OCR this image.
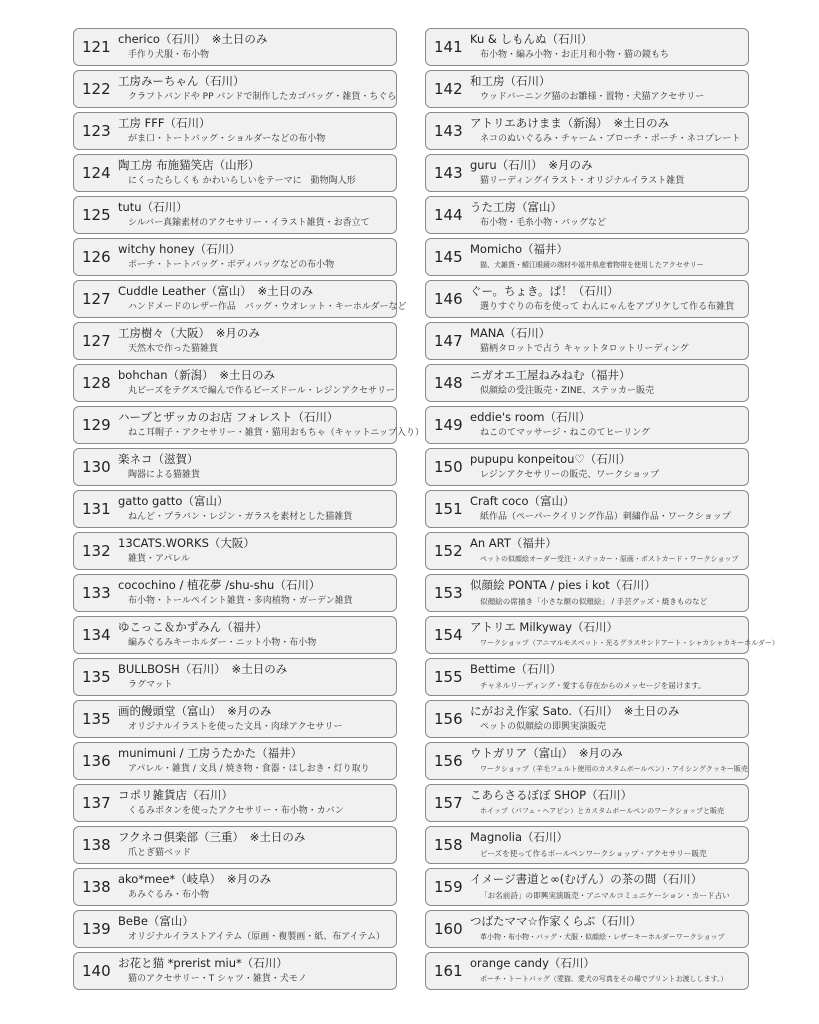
121 cherico（石川）　※土日のみ
手作り犬服・布小物
122 工房みーちゃん（石川）
クラフトバンドや PP バンドで制作したカゴバッグ・雑貨・ちぐら
123 工房 FFF（石川）
がま口・トートバッグ・ショルダーなどの布小物
124 陶工房 布施猫笑店（山形）
にくったらしくも かわいらしいをテーマに　動物陶人形
125 tutu（石川）
シルバー真鍮素材のアクセサリー・イラスト雑貨・お香立て
126 witchy honey（石川）
ポーチ・トートバッグ・ボディバッグなどの布小物
127 Cuddle Leather（富山）　※土日のみ
ハンドメードのレザー作品　バッグ・ウオレット・キーホルダーなど
127 工房樹々（大阪）　※月のみ
天然木で作った猫雑貨
128 bohchan（新潟）　※土日のみ
丸ビーズをテグスで編んで作るビーズドール・レジンアクセサリー
129 ハーブとザッカのお店 フォレスト（石川）
ねこ耳帽子・アクセサリー・雑貨・猫用おもちゃ（キャットニップ入り）
130 楽ネコ（滋賀）
陶器による猫雑貨
131 gatto gatto（富山）
ねんど・プラバン・レジン・ガラスを素材とした猫雑貨
132 13CATS.WORKS（大阪）
雑貨・アパレル
133 cocochino / 植花夢 /shu-shu（石川）
布小物・トールペイント雑貨・多肉植物・ガーデン雑貨
134 ゆこっこ＆かずみん（福井）
編みぐるみキーホルダー・ニット小物・布小物
135 BULLBOSH（石川）　※土日のみ
ラグマット
135 画的饅頭堂（富山）　※月のみ
オリジナルイラストを使った文具・肉球アクセサリー
136 munimuni / 工房うたかた（福井）
アパレル・雑貨 / 文具 / 焼き物・食器・はしおき・灯り取り
137 コポリ雑貨店（石川）
くるみボタンを使ったアクセサリー・布小物・カバン
138 フクネコ倶楽部（三重）　※土日のみ
爪とぎ猫ベッド
138 ako*mee*（岐阜）　※月のみ
あみぐるみ・布小物
139 BeBe（富山）
オリジナルイラストアイテム（原画・複製画・紙、布アイテム）
140 お花と猫 *prerist miu*（石川）
猫のアクセサリー・T シャツ・雑貨・犬モノ
141 Ku & しもんぬ（石川）
布小物・編み小物・お正月和小物・猫の鏡もち
142 和工房（石川）
ウッドバーニング猫のお雛様・置物・犬猫アクセサリー
143 アトリエあけまま（新潟）　※土日のみ
ネコのぬいぐるみ・チャーム・ブローチ・ポーチ・ネコプレート
143 guru（石川）　※月のみ
猫リーディングイラスト・オリジナルイラスト雑貨
144 うた工房（富山）
布小物・毛糸小物・バッグなど
145 Momicho（福井）
猫、犬雑貨・鯖江眼鏡の端材や福井県産着物帯を使用したアクセサリー
146 ぐー。ちょき。ぱ！（石川）
選りすぐりの布を使って わんにゃんをアプリケして作る布雑貨
147 MANA（石川）
猫柄タロットで占う キャットタロットリーディング
148 ニガオエ工屋ねみねむ（福井）
似顔絵の受注販売・ZINE、ステッカー販売
149 eddie's room（石川）
ねこのてマッサージ・ねこのてヒーリング
150 pupupu konpeitou♡（石川）
レジンアクセサリーの販売、ワークショップ
151 Craft coco（富山）
紙作品（ペーパークイリング作品）刺繍作品・ワークショップ
152 An ART（福井）
ペットの似顔絵オーダー受注・ステッカー・原画・ポストカード・ワークショップ
153 似顔絵 PONTA / pies i kot（石川）
似顔絵の席描き「小さな額の似顔絵」 / 手芸グッズ・焼きものなど
154 アトリエ Milkyway（石川）
ワークショップ（アニマルモスペット・光るグラスサンドアート・シャカシャカキーホルダー）
155 Bettime（石川）
チャネルリーディング・愛する存在からのメッセージを届けます。
156 にがおえ作家 Sato.（石川）　※土日のみ
ペットの似顔絵の即興実演販売
156 ウトガリア（富山）　※月のみ
ワークショップ（羊毛フェルト使用のカスタムボールペン）・アイシングクッキー販売
157 こあらさるぼぼ SHOP（石川）
ホイップ（パフェ・ヘアピン）とカスタムボールペンのワークショップと販売
158 Magnolia（石川）
ビーズを使って作るボールペンワークショップ・アクセサリー販売
159 イメージ書道と∞(むげん）の茶の間（石川）
「お名前詩」の即興実演販売・アニマルコミュニケーション・カード占い
160 つばたママ☆作家くらぶ（石川）
革小物・布小物・バッグ・犬服・似顔絵・レザーキーホルダーワークショップ
161 orange candy（石川）
ポーチ・トートバッグ（愛猫、愛犬の写真をその場でプリントお渡しします。）
